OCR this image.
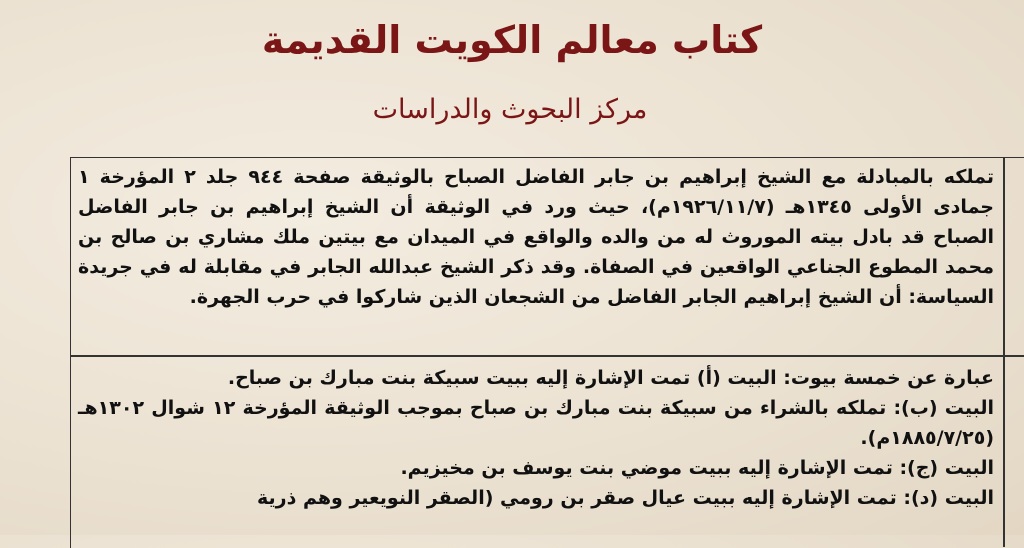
كتاب معالم الكويت القديمة
مركز البحوث والدراسات

تملكه بالمبادلة مع الشيخ إبراهيم بن جابر الفاضل الصباح بالوثيقة صفحة ٩٤٤ جلد ٢ المؤرخة ١ جمادى الأولى ١٣٤٥هـ (١٩٢٦/١١/٧م)، حيث ورد في الوثيقة أن الشيخ إبراهيم بن جابر الفاضل الصباح قد بادل بيته الموروث له من والده والواقع في الميدان مع بيتين ملك مشاري بن صالح بن محمد المطوع الجناعي الواقعين في الصفاة. وقد ذكر الشيخ عبدالله الجابر في مقابلة له في جريدة السياسة: أن الشيخ إبراهيم الجابر الفاضل من الشجعان الذين شاركوا في حرب الجهرة.

عبارة عن خمسة بيوت: البيت (أ) تمت الإشارة إليه ببيت سبيكة بنت مبارك بن صباح.

البيت (ب): تملكه بالشراء من سبيكة بنت مبارك بن صباح بموجب الوثيقة المؤرخة ١٢ شوال ١٣٠٢هـ (١٨٨٥/٧/٢٥م).

البيت (ج): تمت الإشارة إليه ببيت موضي بنت يوسف بن مخيزيم.

البيت (د): تمت الإشارة إليه ببيت عيال صقر بن رومي (الصقر النويعير وهم ذرية
